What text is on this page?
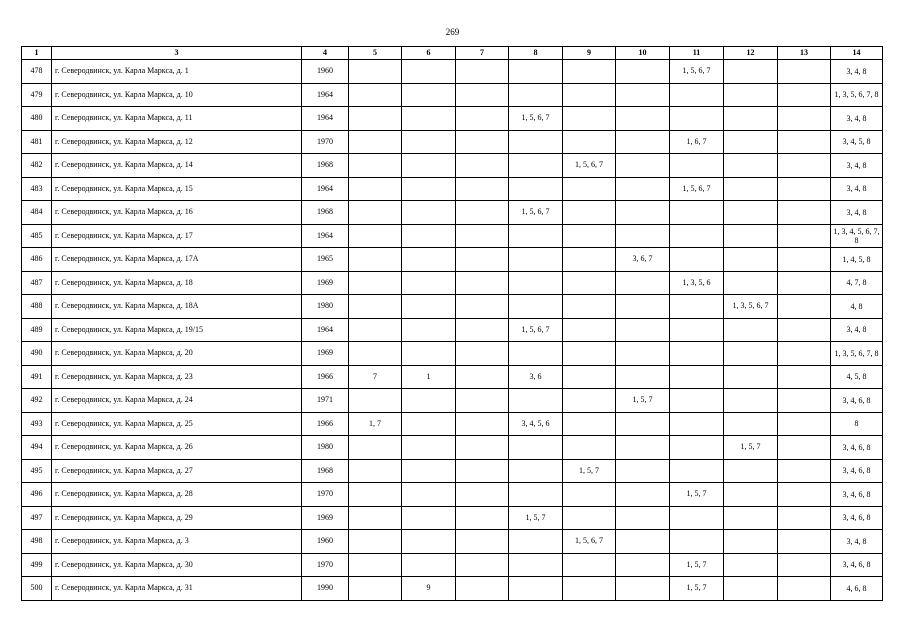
269
1	3	4	5	6	7	8	9	10	11	12	13	14
478	г. Северодвинск, ул. Карла Маркса, д. 1	1960							1, 5, 6, 7			3, 4, 8
479	г. Северодвинск, ул. Карла Маркса, д. 10	1964										1, 3, 5, 6, 7, 8
480	г. Северодвинск, ул. Карла Маркса, д. 11	1964				1, 5, 6, 7						3, 4, 8
481	г. Северодвинск, ул. Карла Маркса, д. 12	1970							1, 6, 7			3, 4, 5, 8
482	г. Северодвинск, ул. Карла Маркса, д. 14	1968					1, 5, 6, 7					3, 4, 8
483	г. Северодвинск, ул. Карла Маркса, д. 15	1964							1, 5, 6, 7			3, 4, 8
484	г. Северодвинск, ул. Карла Маркса, д. 16	1968				1, 5, 6, 7						3, 4, 8
485	г. Северодвинск, ул. Карла Маркса, д. 17	1964										1, 3, 4, 5, 6, 7, 8
486	г. Северодвинск, ул. Карла Маркса, д. 17А	1965						3, 6, 7				1, 4, 5, 8
487	г. Северодвинск, ул. Карла Маркса, д. 18	1969							1, 3, 5, 6			4, 7, 8
488	г. Северодвинск, ул. Карла Маркса, д. 18А	1980								1, 3, 5, 6, 7		4, 8
489	г. Северодвинск, ул. Карла Маркса, д. 19/15	1964				1, 5, 6, 7						3, 4, 8
490	г. Северодвинск, ул. Карла Маркса, д. 20	1969										1, 3, 5, 6, 7, 8
491	г. Северодвинск, ул. Карла Маркса, д. 23	1966	7	1		3, 6						4, 5, 8
492	г. Северодвинск, ул. Карла Маркса, д. 24	1971						1, 5, 7				3, 4, 6, 8
493	г. Северодвинск, ул. Карла Маркса, д. 25	1966	1, 7			3, 4, 5, 6						8
494	г. Северодвинск, ул. Карла Маркса, д. 26	1980								1, 5, 7		3, 4, 6, 8
495	г. Северодвинск, ул. Карла Маркса, д. 27	1968					1, 5, 7					3, 4, 6, 8
496	г. Северодвинск, ул. Карла Маркса, д. 28	1970							1, 5, 7			3, 4, 6, 8
497	г. Северодвинск, ул. Карла Маркса, д. 29	1969				1, 5, 7						3, 4, 6, 8
498	г. Северодвинск, ул. Карла Маркса, д. 3	1960					1, 5, 6, 7					3, 4, 8
499	г. Северодвинск, ул. Карла Маркса, д. 30	1970							1, 5, 7			3, 4, 6, 8
500	г. Северодвинск, ул. Карла Маркса, д. 31	1990		9					1, 5, 7			4, 6, 8
